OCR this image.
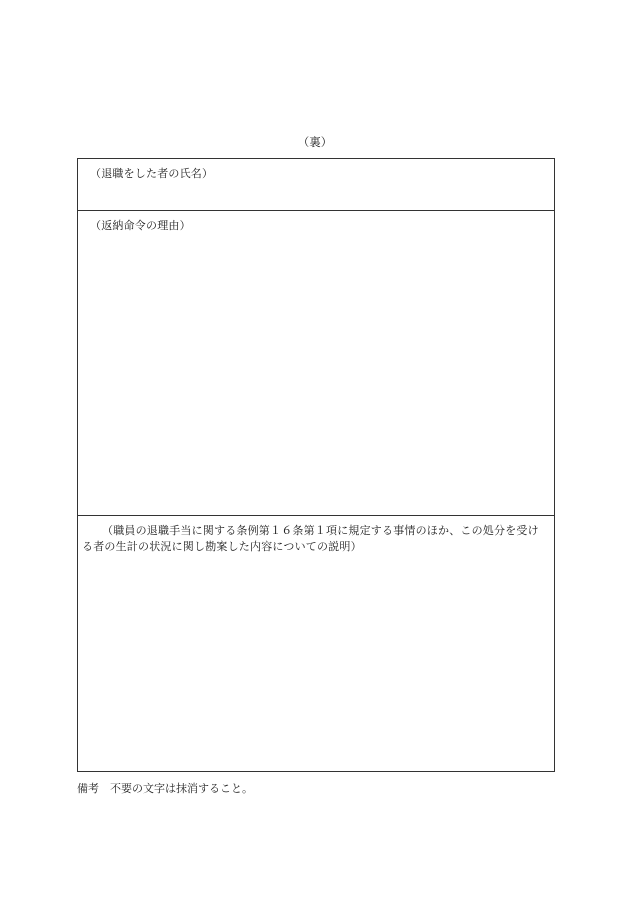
（裏）
（退職をした者の氏名）
（返納命令の理由）
（職員の退職手当に関する条例第１６条第１項に規定する事情のほか、この処分を受け
る者の生計の状況に関し勘案した内容についての説明）
備考　不要の文字は抹消すること。
